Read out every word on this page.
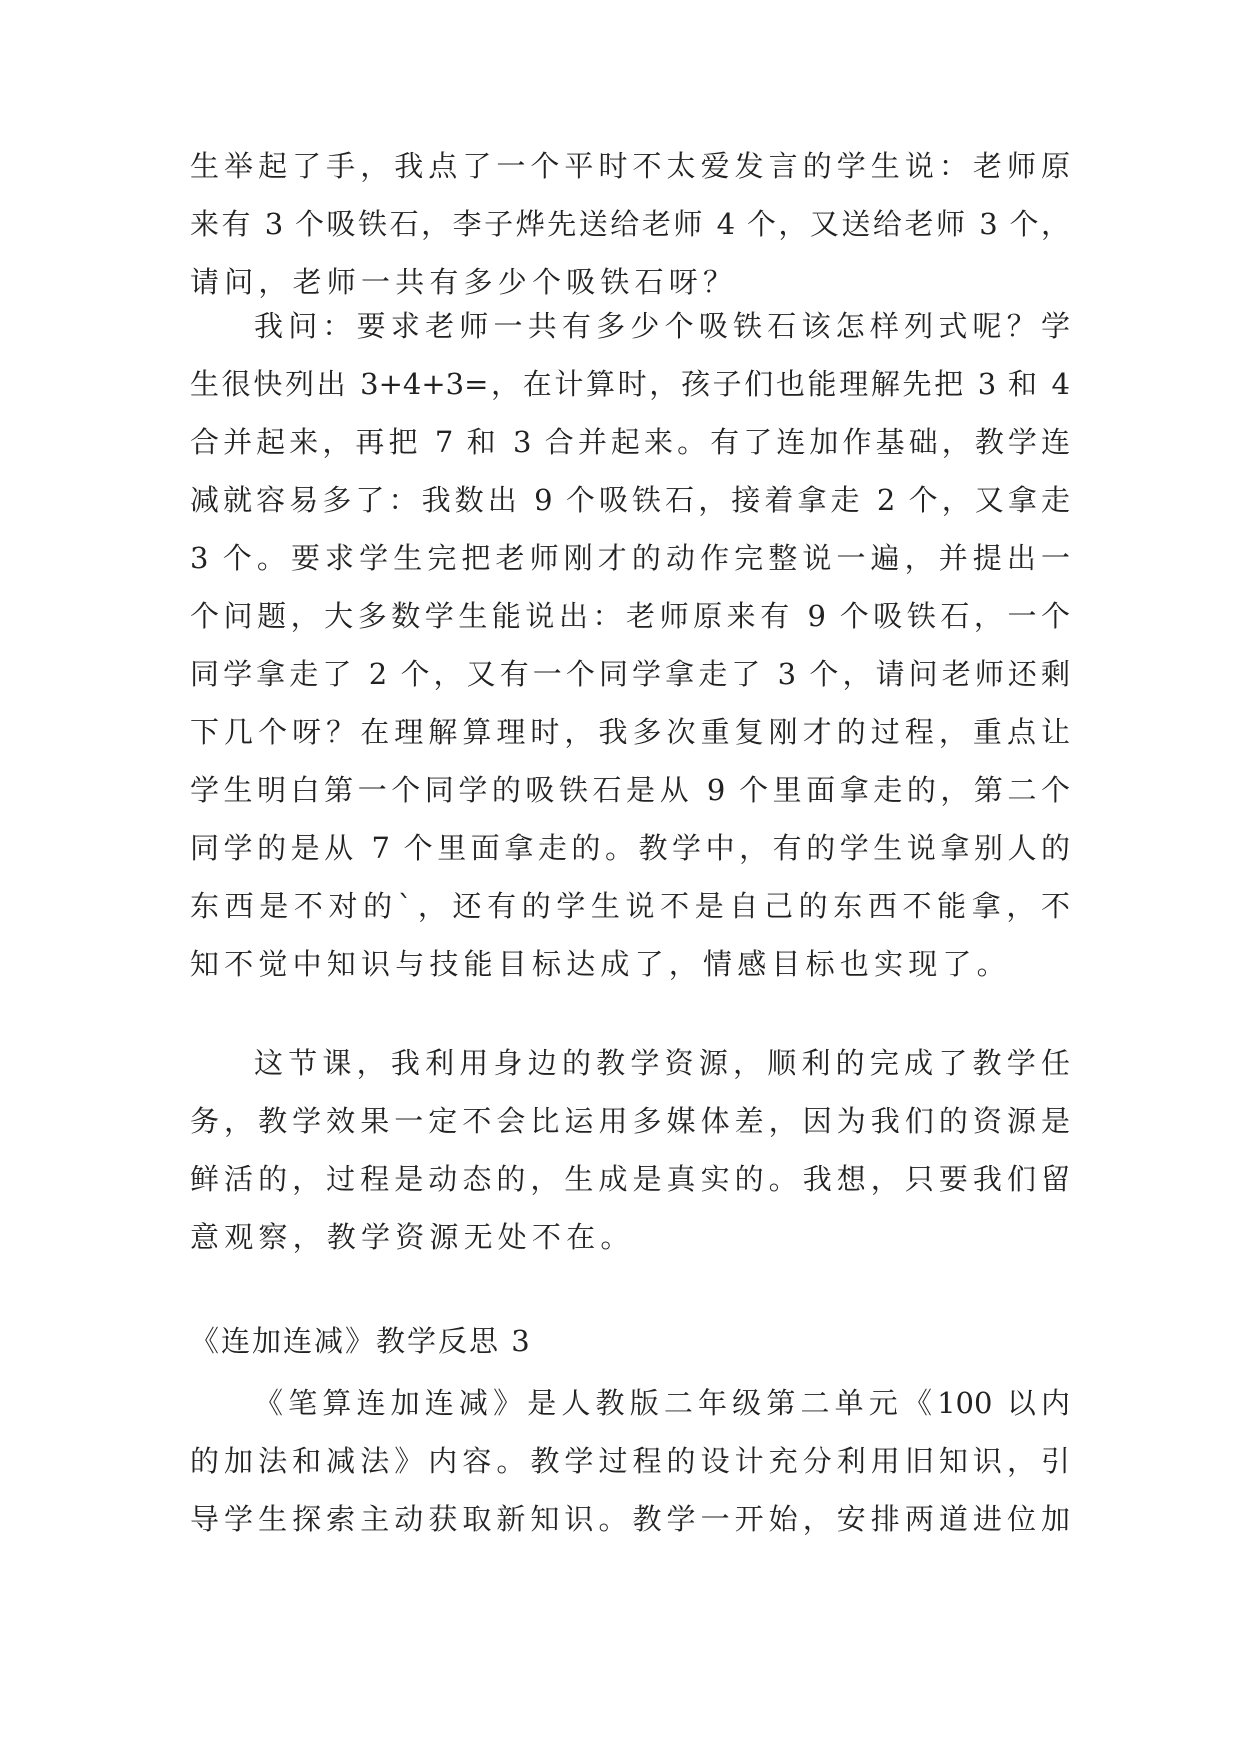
生举起了手，我点了一个平时不太爱发言的学生说：老师原
来有 3 个吸铁石，李子烨先送给老师 4 个，又送给老师 3 个，
请问，老师一共有多少个吸铁石呀？
我问：要求老师一共有多少个吸铁石该怎样列式呢？学
生很快列出 3+4+3=，在计算时，孩子们也能理解先把 3 和 4
合并起来，再把 7 和 3 合并起来。有了连加作基础，教学连
减就容易多了：我数出 9 个吸铁石，接着拿走 2 个，又拿走
3 个。要求学生完把老师刚才的动作完整说一遍，并提出一
个问题，大多数学生能说出：老师原来有 9 个吸铁石，一个
同学拿走了 2 个，又有一个同学拿走了 3 个，请问老师还剩
下几个呀？在理解算理时，我多次重复刚才的过程，重点让
学生明白第一个同学的吸铁石是从 9 个里面拿走的，第二个
同学的是从 7 个里面拿走的。教学中，有的学生说拿别人的
东西是不对的`，还有的学生说不是自己的东西不能拿，不
知不觉中知识与技能目标达成了，情感目标也实现了。
这节课，我利用身边的教学资源，顺利的完成了教学任
务，教学效果一定不会比运用多媒体差，因为我们的资源是
鲜活的，过程是动态的，生成是真实的。我想，只要我们留
意观察，教学资源无处不在。
《连加连减》教学反思 3
《笔算连加连减》是人教版二年级第二单元《100 以内
的加法和减法》内容。教学过程的设计充分利用旧知识，引
导学生探索主动获取新知识。教学一开始，安排两道进位加
